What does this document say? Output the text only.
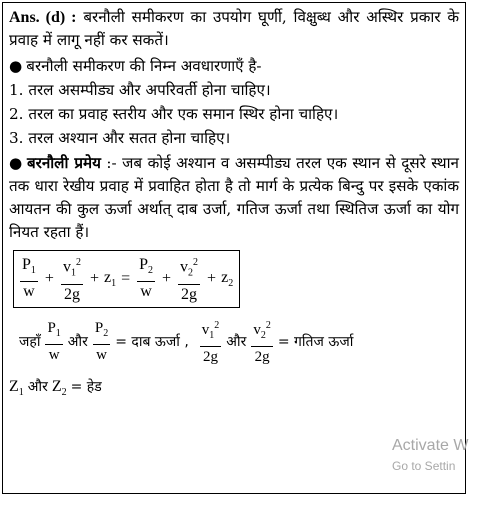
Ans. (d) : बरनौली समीकरण का उपयोग घूर्णी, विक्षुब्ध और अस्थिर प्रकार के प्रवाह में लागू नहीं कर सकतें।

● बरनौली समीकरण की निम्न अवधारणाएँ है-

1. तरल असम्पीड्य और अपरिवर्ती होना चाहिए।

2. तरल का प्रवाह स्तरीय और एक समान स्थिर होना चाहिए।

3. तरल अश्यान और सतत होना चाहिए।

● बरनौली प्रमेय :- जब कोई अश्यान व असम्पीड्य तरल एक स्थान से दूसरे स्थान तक धारा रेखीय प्रवाह में प्रवाहित होता है तो मार्ग के प्रत्येक बिन्दु पर इसके एकांक आयतन की कुल ऊर्जा अर्थात् दाब उर्जा, गतिज ऊर्जा तथा स्थितिज ऊर्जा का योग नियत रहता हैं।

$\frac{P_1}{w} + \frac{v_1^2}{2g} + z_1 = \frac{P_2}{w} + \frac{v_2^2}{2g} + z_2$
जहाँ $\frac{P_1}{w}$ और $\frac{P_2}{w}$ = दाब ऊर्जा , $\frac{v_1^2}{2g}$ और $\frac{v_2^2}{2g}$ = गतिज ऊर्जा
$Z_1$ और $Z_2$ = हेड
Activate W
Go to Settin
